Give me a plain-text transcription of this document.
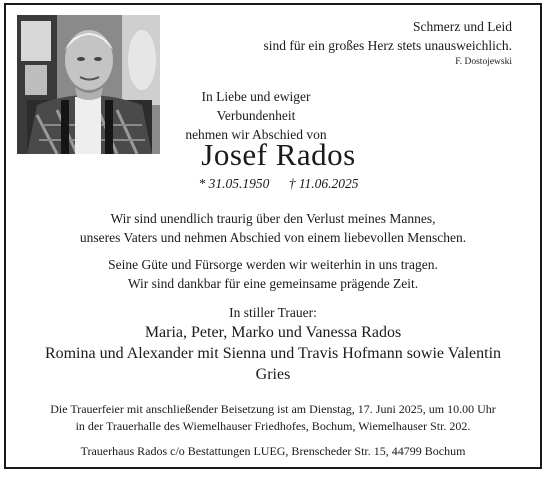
Schmerz und Leid
sind für ein großes Herz stets unausweichlich.
F. Dostojewski
In Liebe und ewiger Verbundenheit
nehmen wir Abschied von
Josef Rados
* 31.05.1950 † 11.06.2025
Wir sind unendlich traurig über den Verlust meines Mannes,
unseres Vaters und nehmen Abschied von einem liebevollen Menschen.
Seine Güte und Fürsorge werden wir weiterhin in uns tragen.
Wir sind dankbar für eine gemeinsame prägende Zeit.
In stiller Trauer:
Maria, Peter, Marko und Vanessa Rados
Romina und Alexander mit Sienna und Travis Hofmann sowie Valentin
Gries
Die Trauerfeier mit anschließender Beisetzung ist am Dienstag, 17. Juni 2025, um 10.00 Uhr
in der Trauerhalle des Wiemelhauser Friedhofes, Bochum, Wiemelhauser Str. 202.
Trauerhaus Rados c/o Bestattungen LUEG, Brenscheder Str. 15, 44799 Bochum
